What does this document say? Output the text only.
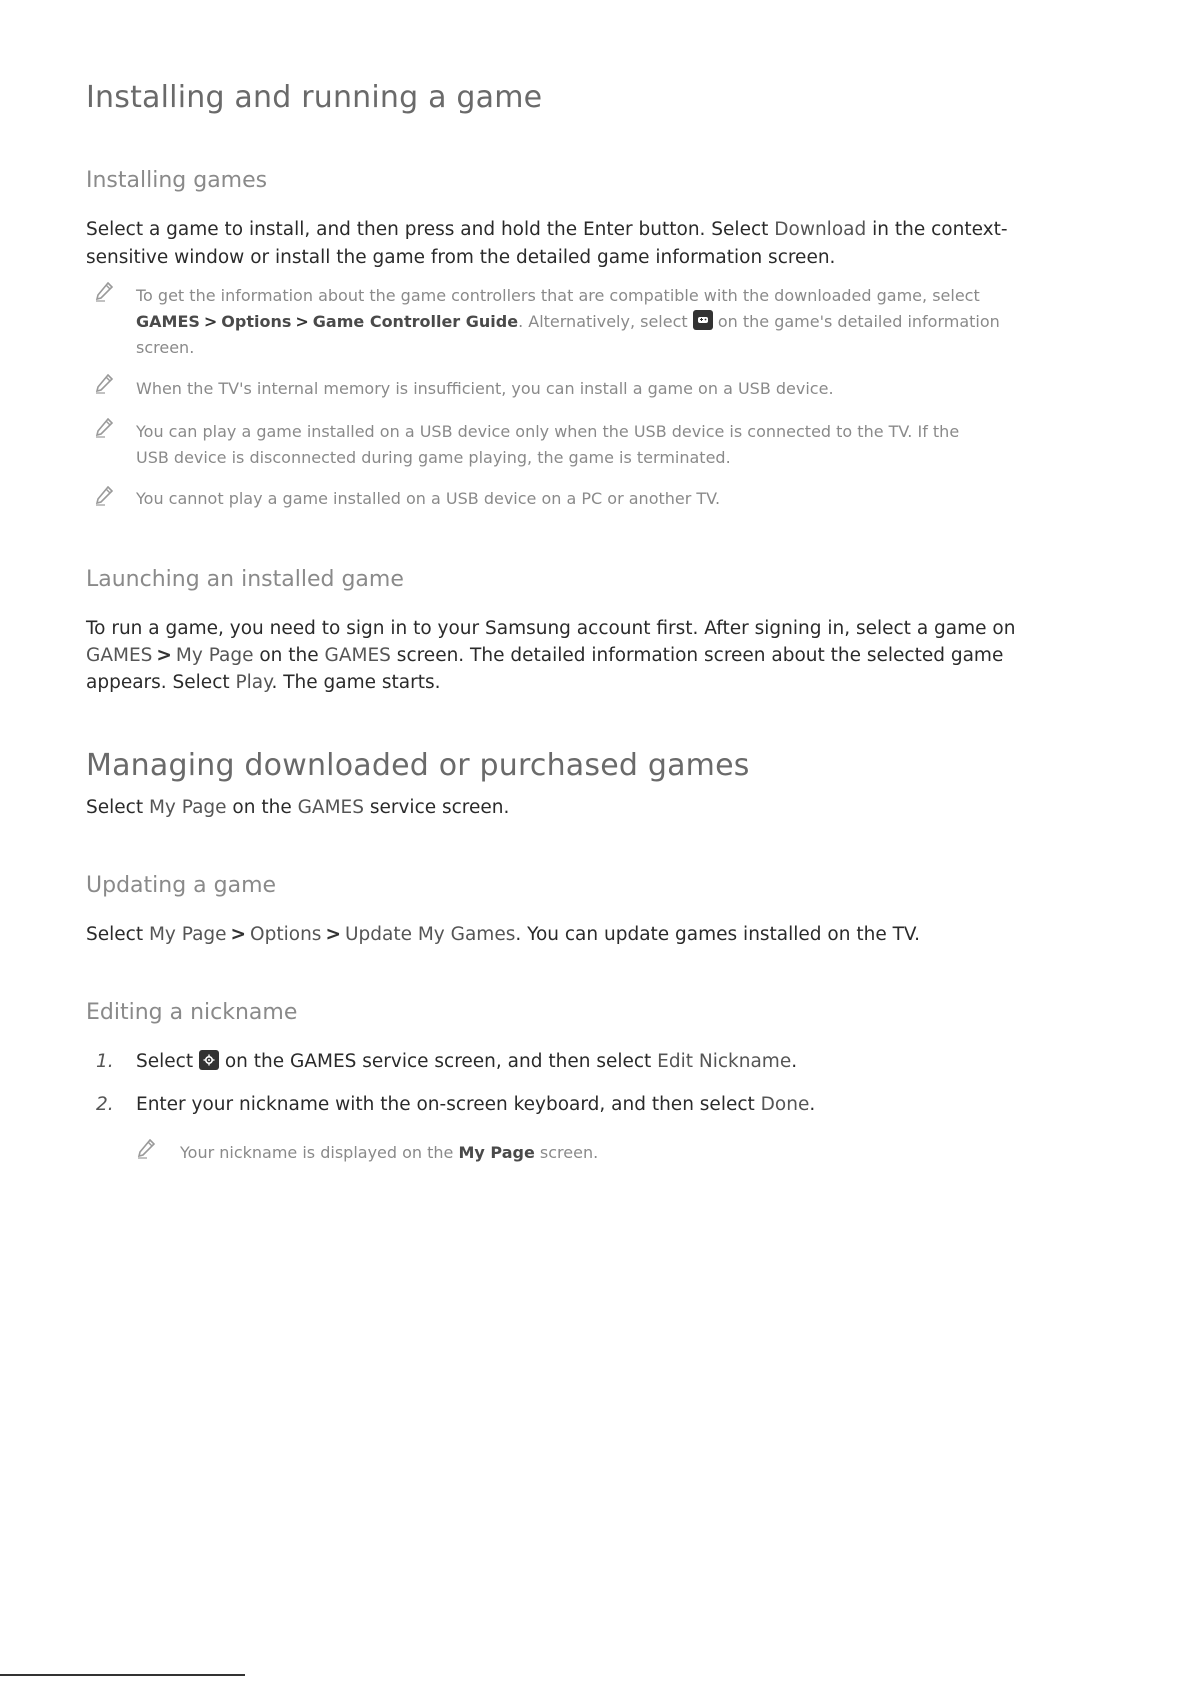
Installing and running a game
Installing games
Select a game to install, and then press and hold the Enter button. Select Download in the context-
sensitive window or install the game from the detailed game information screen.
To get the information about the game controllers that are compatible with the downloaded game, select
GAMES > Options > Game Controller Guide. Alternatively, select
on the game's detailed information
screen.
When the TV's internal memory is insufficient, you can install a game on a USB device.
You can play a game installed on a USB device only when the USB device is connected to the TV. If the
USB device is disconnected during game playing, the game is terminated.
You cannot play a game installed on a USB device on a PC or another TV.
Launching an installed game
To run a game, you need to sign in to your Samsung account first. After signing in, select a game on
GAMES > My Page on the GAMES screen. The detailed information screen about the selected game
appears. Select Play. The game starts.
Managing downloaded or purchased games
Select My Page on the GAMES service screen.
Updating a game
Select My Page > Options > Update My Games. You can update games installed on the TV.
Editing a nickname
1. Select
on the GAMES service screen, and then select Edit Nickname.
2. Enter your nickname with the on-screen keyboard, and then select Done.
Your nickname is displayed on the My Page screen.
